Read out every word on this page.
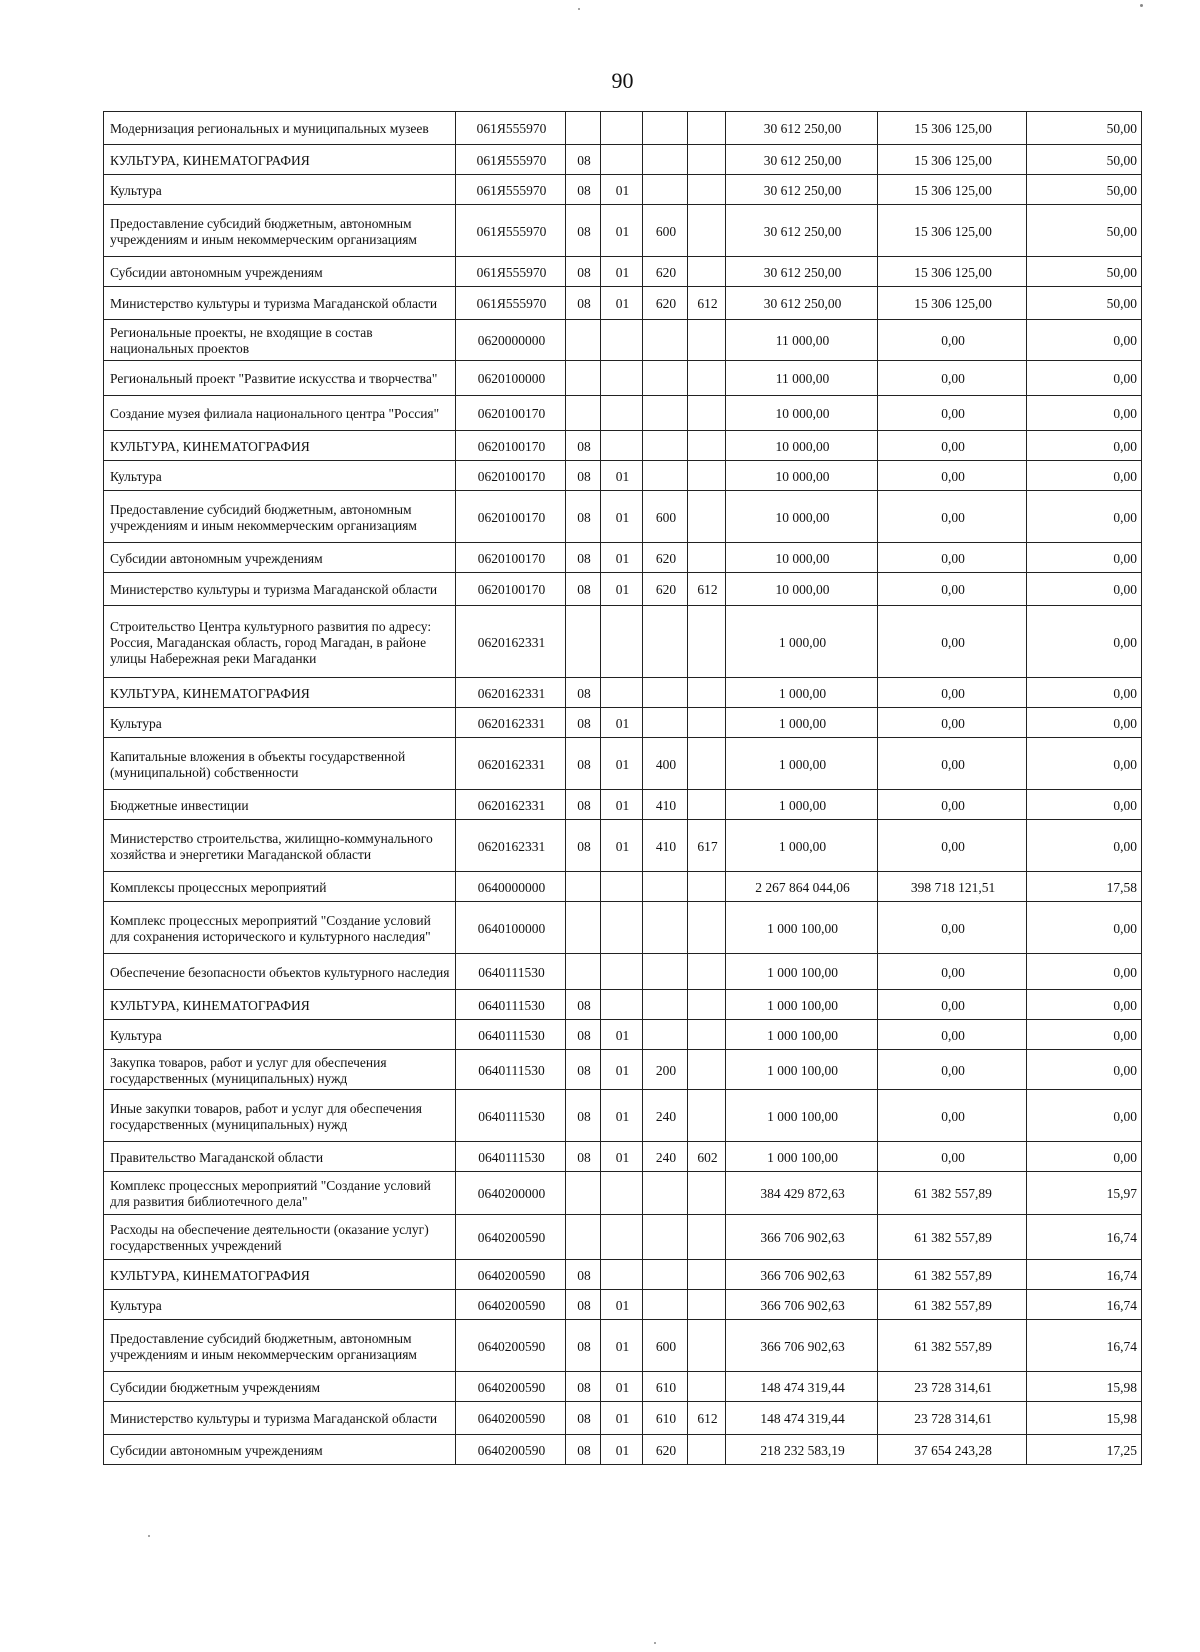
90
Модернизация региональных и муниципальных музеев	061Я555970					30 612 250,00	15 306 125,00	50,00
КУЛЬТУРА, КИНЕМАТОГРАФИЯ	061Я555970	08				30 612 250,00	15 306 125,00	50,00
Культура	061Я555970	08	01			30 612 250,00	15 306 125,00	50,00
Предоставление субсидий бюджетным, автономным учреждениям и иным некоммерческим организациям	061Я555970	08	01	600		30 612 250,00	15 306 125,00	50,00
Субсидии автономным учреждениям	061Я555970	08	01	620		30 612 250,00	15 306 125,00	50,00
Министерство культуры и туризма Магаданской области	061Я555970	08	01	620	612	30 612 250,00	15 306 125,00	50,00
Региональные проекты, не входящие в состав национальных проектов	0620000000					11 000,00	0,00	0,00
Региональный проект "Развитие искусства и творчества"	0620100000					11 000,00	0,00	0,00
Создание музея филиала национального центра "Россия"	0620100170					10 000,00	0,00	0,00
КУЛЬТУРА, КИНЕМАТОГРАФИЯ	0620100170	08				10 000,00	0,00	0,00
Культура	0620100170	08	01			10 000,00	0,00	0,00
Предоставление субсидий бюджетным, автономным учреждениям и иным некоммерческим организациям	0620100170	08	01	600		10 000,00	0,00	0,00
Субсидии автономным учреждениям	0620100170	08	01	620		10 000,00	0,00	0,00
Министерство культуры и туризма Магаданской области	0620100170	08	01	620	612	10 000,00	0,00	0,00
Строительство Центра культурного развития по адресу: Россия, Магаданская область, город Магадан, в районе улицы Набережная реки Магаданки	0620162331					1 000,00	0,00	0,00
КУЛЬТУРА, КИНЕМАТОГРАФИЯ	0620162331	08				1 000,00	0,00	0,00
Культура	0620162331	08	01			1 000,00	0,00	0,00
Капитальные вложения в объекты государственной (муниципальной) собственности	0620162331	08	01	400		1 000,00	0,00	0,00
Бюджетные инвестиции	0620162331	08	01	410		1 000,00	0,00	0,00
Министерство строительства, жилищно-коммунального хозяйства и энергетики Магаданской области	0620162331	08	01	410	617	1 000,00	0,00	0,00
Комплексы процессных мероприятий	0640000000					2 267 864 044,06	398 718 121,51	17,58
Комплекс процессных мероприятий "Создание условий для сохранения исторического и культурного наследия"	0640100000					1 000 100,00	0,00	0,00
Обеспечение безопасности объектов культурного наследия	0640111530					1 000 100,00	0,00	0,00
КУЛЬТУРА, КИНЕМАТОГРАФИЯ	0640111530	08				1 000 100,00	0,00	0,00
Культура	0640111530	08	01			1 000 100,00	0,00	0,00
Закупка товаров, работ и услуг для обеспечения государственных (муниципальных) нужд	0640111530	08	01	200		1 000 100,00	0,00	0,00
Иные закупки товаров, работ и услуг для обеспечения государственных (муниципальных) нужд	0640111530	08	01	240		1 000 100,00	0,00	0,00
Правительство Магаданской области	0640111530	08	01	240	602	1 000 100,00	0,00	0,00
Комплекс процессных мероприятий "Создание условий для развития библиотечного дела"	0640200000					384 429 872,63	61 382 557,89	15,97
Расходы на обеспечение деятельности (оказание услуг) государственных учреждений	0640200590					366 706 902,63	61 382 557,89	16,74
КУЛЬТУРА, КИНЕМАТОГРАФИЯ	0640200590	08				366 706 902,63	61 382 557,89	16,74
Культура	0640200590	08	01			366 706 902,63	61 382 557,89	16,74
Предоставление субсидий бюджетным, автономным учреждениям и иным некоммерческим организациям	0640200590	08	01	600		366 706 902,63	61 382 557,89	16,74
Субсидии бюджетным учреждениям	0640200590	08	01	610		148 474 319,44	23 728 314,61	15,98
Министерство культуры и туризма Магаданской области	0640200590	08	01	610	612	148 474 319,44	23 728 314,61	15,98
Субсидии автономным учреждениям	0640200590	08	01	620		218 232 583,19	37 654 243,28	17,25
